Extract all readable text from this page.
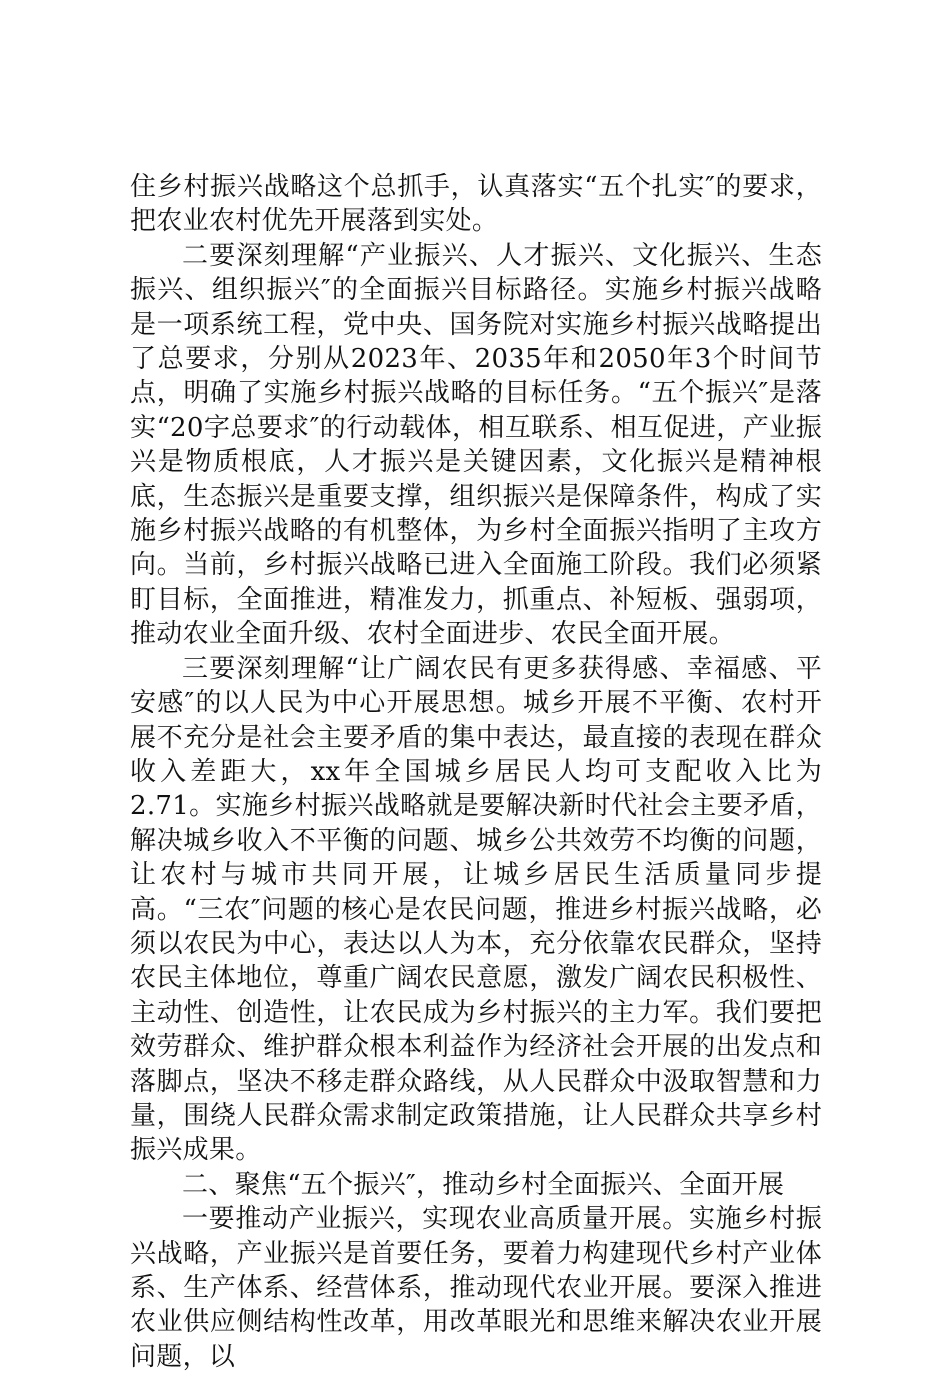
住乡村振兴战略这个总抓手，认真落实“五个扎实″的要求，把农业农村优先开展落到实处。

二要深刻理解“产业振兴、人才振兴、文化振兴、生态振兴、组织振兴″的全面振兴目标路径。实施乡村振兴战略是一项系统工程，党中央、国务院对实施乡村振兴战略提出了总要求，分别从2023年、2035年和2050年3个时间节点，明确了实施乡村振兴战略的目标任务。“五个振兴″是落实“20字总要求″的行动载体，相互联系、相互促进，产业振兴是物质根底，人才振兴是关键因素，文化振兴是精神根底，生态振兴是重要支撑，组织振兴是保障条件，构成了实施乡村振兴战略的有机整体，为乡村全面振兴指明了主攻方向。当前，乡村振兴战略已进入全面施工阶段。我们必须紧盯目标，全面推进，精准发力，抓重点、补短板、强弱项，推动农业全面升级、农村全面进步、农民全面开展。

三要深刻理解“让广阔农民有更多获得感、幸福感、平安感″的以人民为中心开展思想。城乡开展不平衡、农村开展不充分是社会主要矛盾的集中表达，最直接的表现在群众收入差距大，xx年全国城乡居民人均可支配收入比为2.71。实施乡村振兴战略就是要解决新时代社会主要矛盾，解决城乡收入不平衡的问题、城乡公共效劳不均衡的问题，让农村与城市共同开展，让城乡居民生活质量同步提高。“三农″问题的核心是农民问题，推进乡村振兴战略，必须以农民为中心，表达以人为本，充分依靠农民群众，坚持农民主体地位，尊重广阔农民意愿，激发广阔农民积极性、主动性、创造性，让农民成为乡村振兴的主力军。我们要把效劳群众、维护群众根本利益作为经济社会开展的出发点和落脚点，坚决不移走群众路线，从人民群众中汲取智慧和力量，围绕人民群众需求制定政策措施，让人民群众共享乡村振兴成果。

二、聚焦“五个振兴″，推动乡村全面振兴、全面开展

一要推动产业振兴，实现农业高质量开展。实施乡村振兴战略，产业振兴是首要任务，要着力构建现代乡村产业体系、生产体系、经营体系，推动现代农业开展。要深入推进农业供应侧结构性改革，用改革眼光和思维来解决农业开展问题，以
